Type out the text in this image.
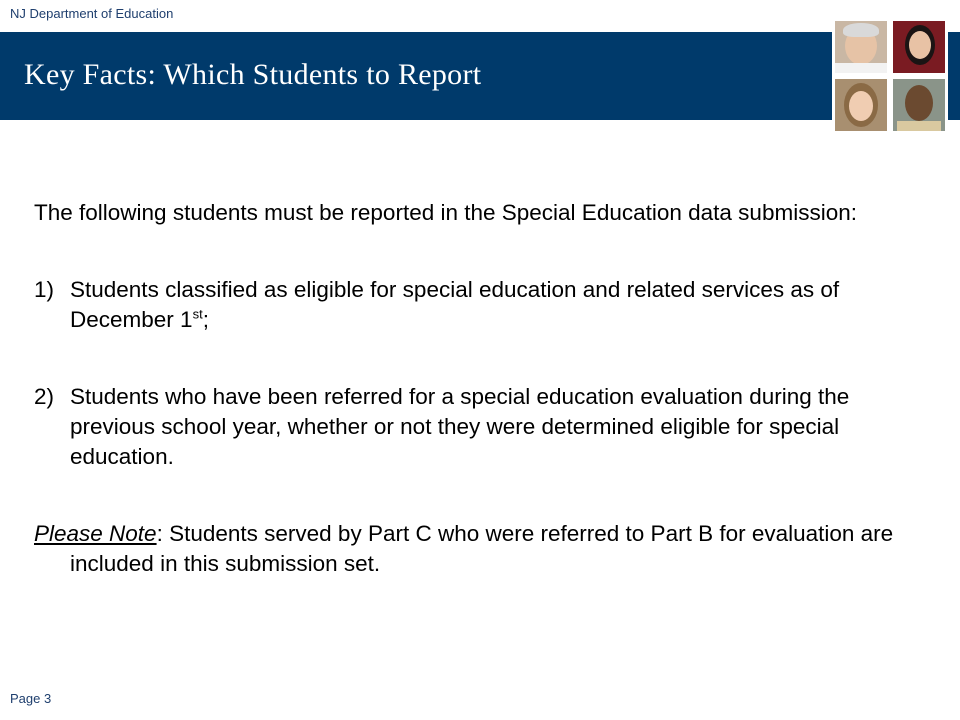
NJ Department of Education
Key Facts: Which Students to Report

The following students must be reported in the Special Education data submission:

1) Students classified as eligible for special education and related services as of December 1st;

2) Students who have been referred for a special education evaluation during the previous school year, whether or not they were determined eligible for special education.

Please Note: Students served by Part C who were referred to Part B for evaluation are included in this submission set.

Page 3
